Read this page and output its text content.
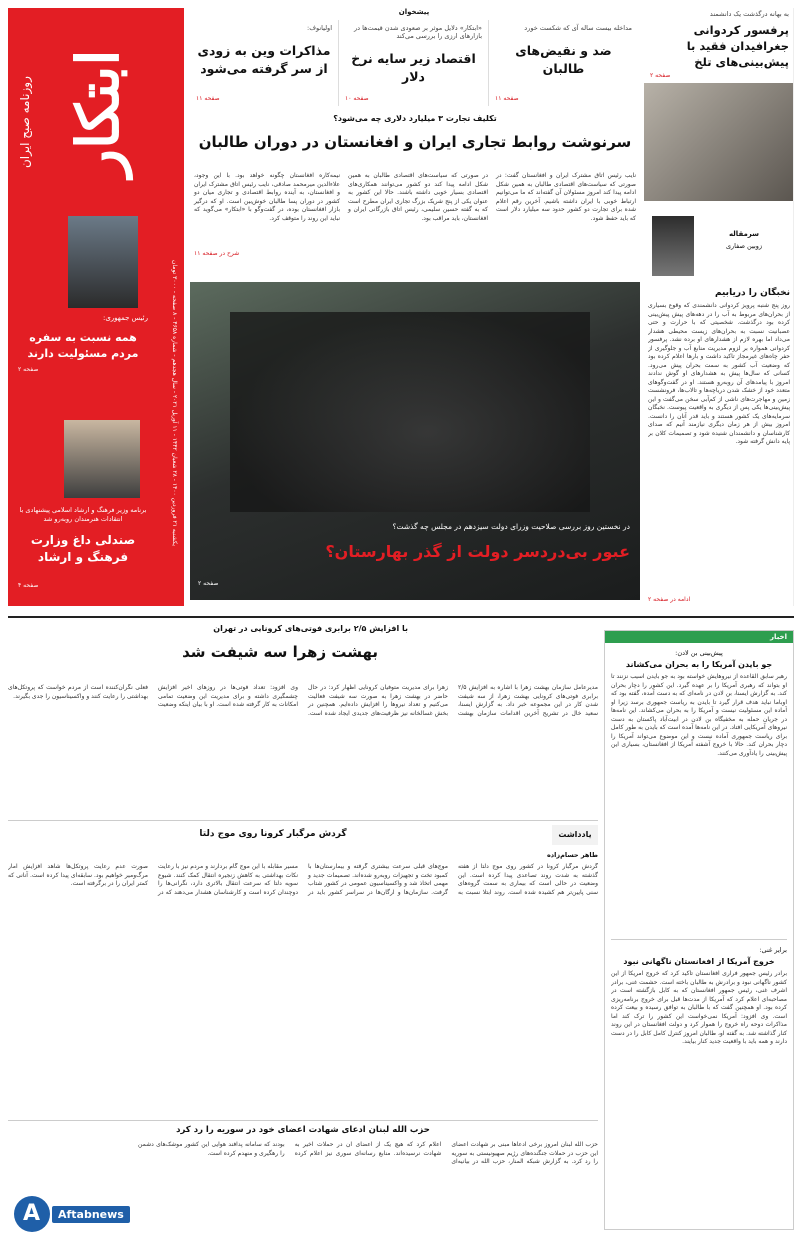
ابتکار
روزنامه صبح ایران
یکشنبه ۲۱ فروردین ۱۴۰۰ - ۲۸ شعبان ۱۴۴۲ - ۱۱ آوریل ۲۰۲۱ - سال هجدهم - شماره ۴۶۵۸ - ۸ صفحه - ۳۰۰۰ تومان
رئیس جمهوری:
همه نسبت به سفره مردم مسئولیت دارند
صفحه ۲
برنامه وزیر فرهنگ و ارشاد اسلامی پیشنهادی با انتقادات هنرمندان روبه‌رو شد
صندلی داغ وزارت فرهنگ و ارشاد
صفحه ۴
پیشخوان
مداخله بیست ساله آی که شکست خورد
ضد و نقیض‌های طالبان
صفحه ۱۱
«ابتکار» دلایل موثر بر صعودی شدن قیمت‌ها در بازارهای ارزی را بررسی می‌کند
اقتصاد زیر سایه نرخ دلار
صفحه ۱۰
اولیانوف:
مذاکرات وین به زودی از سر گرفته می‌شود
صفحه ۱۱
به بهانه درگذشت یک دانشمند
پرفسور کردوانی جغرافیدان فقید با پیش‌بینی‌های تلخ
صفحه ۲
سرمقاله
زوبین صفاری
نخبگان را دریابیم
روز پنج شنبه پرویز کردوانی دانشمندی که وقوع بسیاری از بحران‌های مربوط به آب را در دهه‌های پیش پیش‌بینی کرده بود درگذشت. شخصیتی که با حرارت و حتی عصبانیت نسبت به بحران‌های زیست محیطی هشدار می‌داد اما بهره لازم از هشدارهای او برده نشد. پرفسور کردوانی همواره بر لزوم مدیریت منابع آب و جلوگیری از حفر چاه‌های غیرمجاز تاکید داشت و بارها اعلام کرده بود که وضعیت آب کشور به سمت بحران پیش می‌رود. کسانی که سال‌ها پیش به هشدارهای او گوش ندادند امروز با پیامدهای آن روبه‌رو هستند. او در گفت‌وگوهای متعدد خود از خشک شدن دریاچه‌ها و تالاب‌ها، فرونشست زمین و مهاجرت‌های ناشی از کم‌آبی سخن می‌گفت و این پیش‌بینی‌ها یکی پس از دیگری به واقعیت پیوست. نخبگان سرمایه‌های یک کشور هستند و باید قدر آنان را دانست. امروز بیش از هر زمان دیگری نیازمند آنیم که صدای کارشناسان و دانشمندان شنیده شود و تصمیمات کلان بر پایه دانش گرفته شود.
ادامه در صفحه ۲
تکلیف تجارت ۳ میلیارد دلاری چه می‌شود؟
سرنوشت روابط تجاری ایران و افغانستان در دوران طالبان
نایب رئیس اتاق مشترک ایران و افغانستان گفت: در صورتی که سیاست‌های اقتصادی طالبان به همین شکل ادامه پیدا کند امروز مسئولان آن گفته‌اند که ما می‌توانیم ارتباط خوبی با ایران داشته باشیم. آخرین رقم اعلام شده برای تجارت دو کشور حدود سه میلیارد دلار است که باید حفظ شود.
در صورتی که سیاست‌های اقتصادی طالبان به همین شکل ادامه پیدا کند دو کشور می‌توانند همکاری‌های اقتصادی بسیار خوبی داشته باشند. حالا این کشور به عنوان یکی از پنج شریک بزرگ تجاری ایران مطرح است که به گفته حسین سلیمی، رئیس اتاق بازرگانی ایران و افغانستان، باید مراقب بود.
نیمه‌کاره افغانستان چگونه خواهد بود. با این وجود، علاءالدین میرمحمد صادقی، نایب رئیس اتاق مشترک ایران و افغانستان، به آینده روابط اقتصادی و تجاری میان دو کشور در دوران پسا طالبان خوش‌بین است. او که درگیر بازار افغانستان بوده، در گفت‌وگو با «ابتکار» می‌گوید که نباید این روند را متوقف کرد.
شرح در صفحه ۱۱
در نخستین روز بررسی صلاحیت وزرای دولت سیزدهم در مجلس چه گذشت؟
عبور بی‌دردسر دولت از گذر بهارستان؟
صفحه ۲
با افزایش ۲/۵ برابری فوتی‌های کرونایی در تهران
بهشت زهرا سه شیفت شد
مدیرعامل سازمان بهشت زهرا با اشاره به افزایش ۲/۵ برابری فوتی‌های کرونایی بهشت زهرا، از سه شیفت شدن کار در این مجموعه خبر داد. به گزارش ایسنا، سعید خال در تشریح آخرین اقدامات سازمان بهشت زهرا برای مدیریت متوفیان کرونایی اظهار کرد: در حال حاضر در بهشت زهرا به صورت سه شیفت فعالیت می‌کنیم و تعداد نیروها را افزایش داده‌ایم. همچنین در بخش غسالخانه نیز ظرفیت‌های جدیدی ایجاد شده است. وی افزود: تعداد فوتی‌ها در روزهای اخیر افزایش چشمگیری داشته و برای مدیریت این وضعیت تمامی امکانات به کار گرفته شده است. او با بیان اینکه وضعیت فعلی نگران‌کننده است از مردم خواست که پروتکل‌های بهداشتی را رعایت کنند و واکسیناسیون را جدی بگیرند.
یادداشت
گردش مرگبار کرونا روی موج دلتا
طاهر حسام‌زاده
گردش مرگبار کرونا در کشور روی موج دلتا از هفته گذشته به شدت روند تصاعدی پیدا کرده است. این وضعیت در حالی است که بیماری به سمت گروه‌های سنی پایین‌تر هم کشیده شده است. روند ابتلا نسبت به موج‌های قبلی سرعت بیشتری گرفته و بیمارستان‌ها با کمبود تخت و تجهیزات روبه‌رو شده‌اند. تصمیمات جدید و مهمی اتخاذ شد و واکسیناسیون عمومی در کشور شتاب گرفت. سازمان‌ها و ارگان‌ها در سراسر کشور باید در مسیر مقابله با این موج گام بردارند و مردم نیز با رعایت نکات بهداشتی به کاهش زنجیره انتقال کمک کنند. شیوع سویه دلتا که سرعت انتقال بالاتری دارد، نگرانی‌ها را دوچندان کرده است و کارشناسان هشدار می‌دهند که در صورت عدم رعایت پروتکل‌ها شاهد افزایش آمار مرگ‌ومیر خواهیم بود. سابقه‌ای پیدا کرده است. آنانی که کمتر ایران را در برگرفته است.
حزب الله لبنان ادعای شهادت اعضای خود در سوریه را رد کرد
حزب الله لبنان امروز برخی ادعاها مبنی بر شهادت اعضای این حزب در حملات جنگنده‌های رژیم صهیونیستی به سوریه را رد کرد. به گزارش شبکه المنار، حزب الله در بیانیه‌ای اعلام کرد که هیچ یک از اعضای آن در حملات اخیر به شهادت نرسیده‌اند. منابع رسانه‌ای سوری نیز اعلام کرده بودند که سامانه پدافند هوایی این کشور موشک‌های دشمن را رهگیری و منهدم کرده است.
اخبار
پیش‌بینی بن لادن:
جو بایدن آمریکا را به بحران می‌کشاند
رهبر سابق القاعده از نیروهایش خواسته بود به جو بایدن آسیب نزنند تا او بتواند که رهبری آمریکا را بر عهده گیرد. این کشور را دچار بحران کند. به گزارش ایسنا، بن لادن در نامه‌ای که به دست آمده، گفته بود که اوباما نباید هدف قرار گیرد تا بایدن به ریاست جمهوری برسد زیرا او آماده این مسئولیت نیست و آمریکا را به بحران می‌کشاند. این نامه‌ها در جریان حمله به مخفیگاه بن لادن در ابیت‌آباد پاکستان به دست نیروهای آمریکایی افتاد. در این نامه‌ها آمده است که بایدن به طور کامل برای ریاست جمهوری آماده نیست و این موضوع می‌تواند آمریکا را دچار بحران کند. حالا با خروج آشفته آمریکا از افغانستان، بسیاری این پیش‌بینی را یادآوری می‌کنند.
برایر غنی:
خروج آمریکا از افغانستان ناگهانی نبود
برادر رئیس جمهور فراری افغانستان تاکید کرد که خروج آمریکا از این کشور ناگهانی نبود و برادرش به طالبان باخته است. حشمت غنی، برادر اشرف غنی، رئیس جمهور افغانستان که به کابل بازگشته است در مصاحبه‌ای اعلام کرد که آمریکا از مدت‌ها قبل برای خروج برنامه‌ریزی کرده بود. او همچنین گفت که با طالبان به توافق رسیده و بیعت کرده است. وی افزود: آمریکا نمی‌خواست این کشور را ترک کند اما مذاکرات دوحه راه خروج را هموار کرد و دولت افغانستان در این روند کنار گذاشته شد. به گفته او، طالبان امروز کنترل کامل کابل را در دست دارند و همه باید با واقعیت جدید کنار بیایند.
A	Aftabnews
